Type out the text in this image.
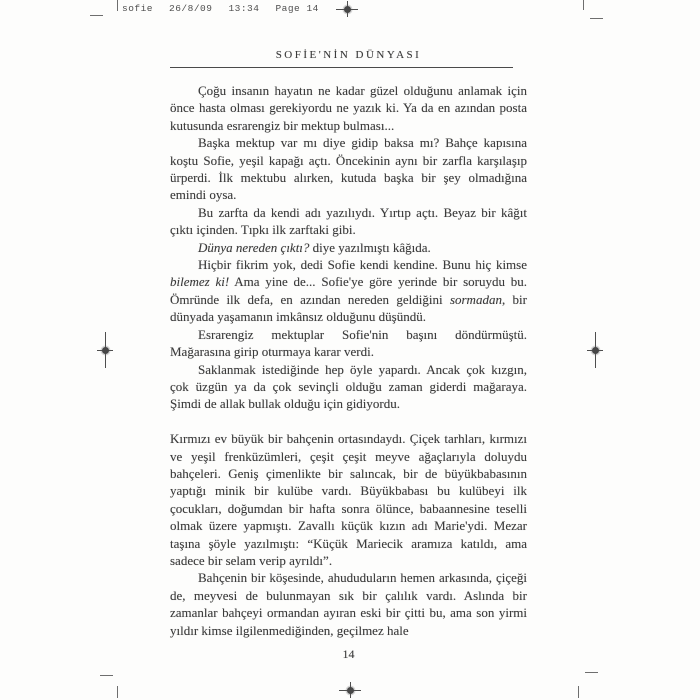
sofie 26/8/09 13:34 Page 14
SOFİE'NİN DÜNYASI

Çoğu insanın hayatın ne kadar güzel olduğunu anlamak için önce hasta olması gerekiyordu ne yazık ki. Ya da en azından posta kutusunda esrarengiz bir mektup bulması...

Başka mektup var mı diye gidip baksa mı? Bahçe kapısına koştu Sofie, yeşil kapağı açtı. Öncekinin aynı bir zarfla karşılaşıp ürperdi. İlk mektubu alırken, kutuda başka bir şey olmadığına emindi oysa.

Bu zarfta da kendi adı yazılıydı. Yırtıp açtı. Beyaz bir kâğıt çıktı içinden. Tıpkı ilk zarftaki gibi.

Dünya nereden çıktı? diye yazılmıştı kâğıda.

Hiçbir fikrim yok, dedi Sofie kendi kendine. Bunu hiç kimse bilemez ki! Ama yine de... Sofie'ye göre yerinde bir soruydu bu. Ömründe ilk defa, en azından nereden geldiğini sormadan, bir dünyada yaşamanın imkânsız olduğunu düşündü.

Esrarengiz mektuplar Sofie'nin başını döndürmüştü. Mağarasına girip oturmaya karar verdi.

Saklanmak istediğinde hep öyle yapardı. Ancak çok kızgın, çok üzgün ya da çok sevinçli olduğu zaman giderdi mağaraya. Şimdi de allak bullak olduğu için gidiyordu.

Kırmızı ev büyük bir bahçenin ortasındaydı. Çiçek tarhları, kırmızı ve yeşil frenküzümleri, çeşit çeşit meyve ağaçlarıyla doluydu bahçeleri. Geniş çimenlikte bir salıncak, bir de büyükbabasının yaptığı minik bir kulübe vardı. Büyükbabası bu kulübeyi ilk çocukları, doğumdan bir hafta sonra ölünce, babaannesine teselli olmak üzere yapmıştı. Zavallı küçük kızın adı Marie'ydi. Mezar taşına şöyle yazılmıştı: “Küçük Mariecik aramıza katıldı, ama sadece bir selam verip ayrıldı”.

Bahçenin bir köşesinde, ahududuların hemen arkasında, çiçeği de, meyvesi de bulunmayan sık bir çalılık vardı. Aslında bir zamanlar bahçeyi ormandan ayıran eski bir çitti bu, ama son yirmi yıldır kimse ilgilenmediğinden, geçilmez hale

14
